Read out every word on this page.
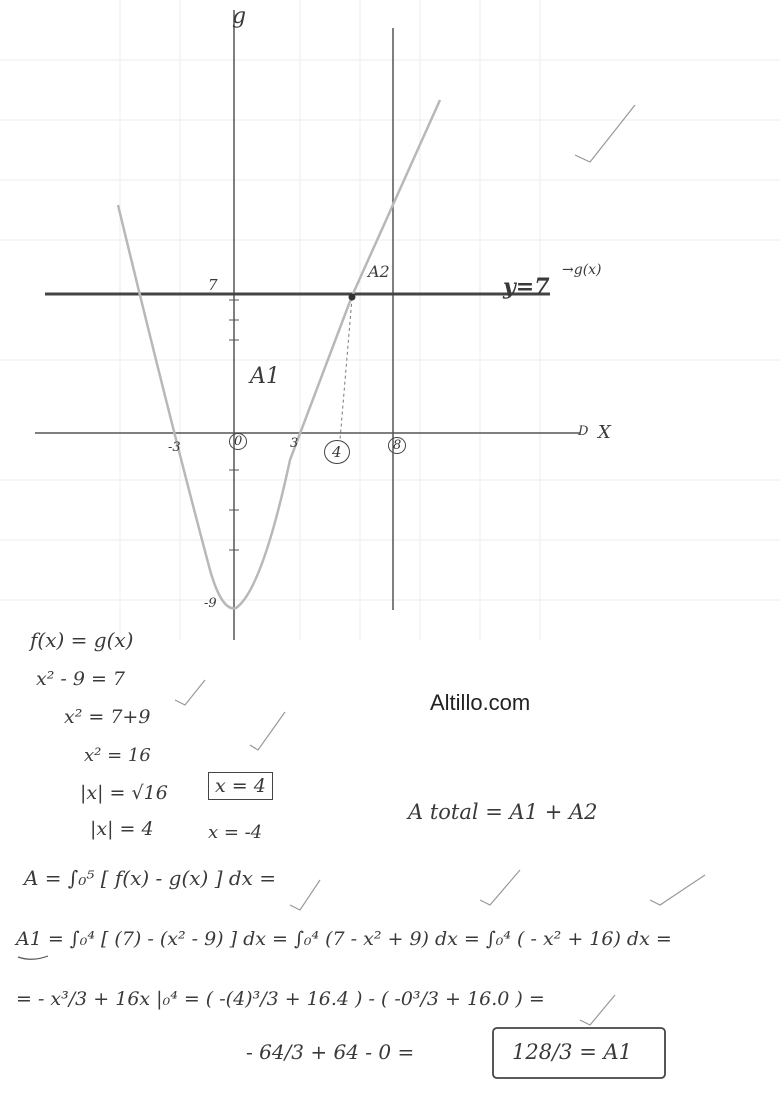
g
X
D
y=7
→g(x)
7
-9
-3	0	3	4	8
A1
A2
Altillo.com
f(x) = g(x)
x² - 9 = 7
x² = 7+9
x² = 16
|x| = √16	x = 4
|x| = 4	x = -4
A total = A1 + A2
A = ∫₀⁵ [ f(x) - g(x) ] dx =
A1 = ∫₀⁴ [ (7) - (x² - 9) ] dx = ∫₀⁴ (7 - x² + 9) dx = ∫₀⁴ ( - x² + 16) dx =
= - x³/3 + 16x |₀⁴ = ( -(4)³/3 + 16.4 ) - ( -0³/3 + 16.0 ) =
- 64/3 + 64 - 0 =	128/3 = A1
